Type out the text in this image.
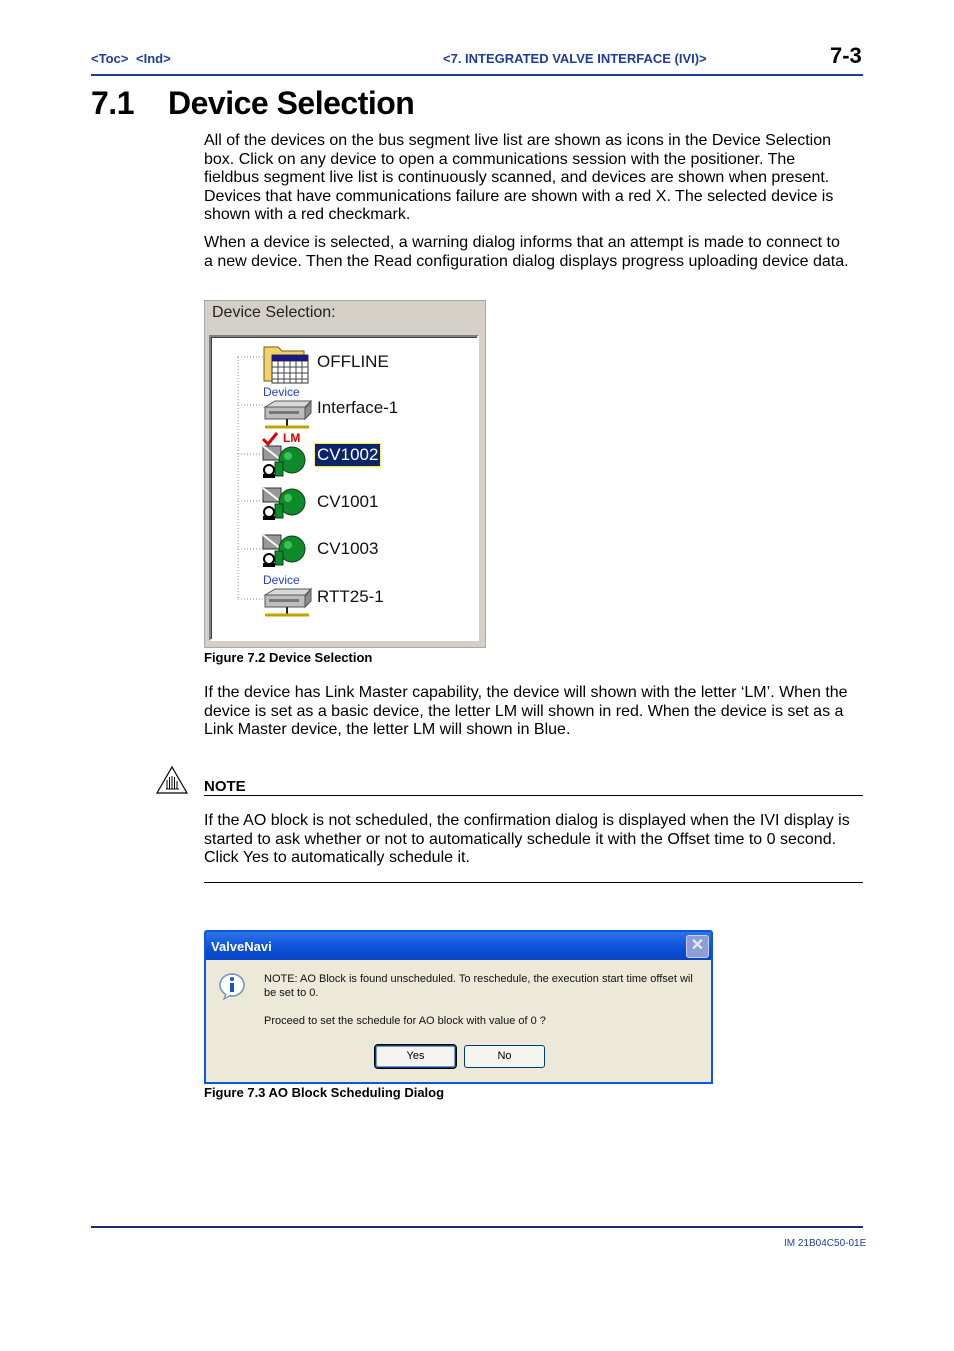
<Toc> <Ind>	<7. INTEGRATED VALVE INTERFACE (IVI)>	7-3
7.1 Device Selection

All of the devices on the bus segment live list are shown as icons in the Device Selection

box. Click on any device to open a communications session with the positioner. The

fieldbus segment live list is continuously scanned, and devices are shown when present.

Devices that have communications failure are shown with a red X. The selected device is

shown with a red checkmark.

When a device is selected, a warning dialog informs that an attempt is made to connect to

a new device. Then the Read configuration dialog displays progress uploading device data.

Device Selection:
OFFLINE
Device
Interface-1
LM
CV1002
CV1001
CV1003
Device
RTT25-1
Figure 7.2 Device Selection

If the device has Link Master capability, the device will shown with the letter ‘LM’. When the

device is set as a basic device, the letter LM will shown in red. When the device is set as a

Link Master device, the letter LM will shown in Blue.

NOTE

If the AO block is not scheduled, the confirmation dialog is displayed when the IVI display is

started to ask whether or not to automatically schedule it with the Offset time to 0 second.

Click Yes to automatically schedule it.

ValveNavi	✕
NOTE: AO Block is found unscheduled. To reschedule, the execution start time offset wil
be set to 0.
Proceed to set the schedule for AO block with value of 0 ?
Yes	No
Figure 7.3 AO Block Scheduling Dialog
IM 21B04C50-01E
